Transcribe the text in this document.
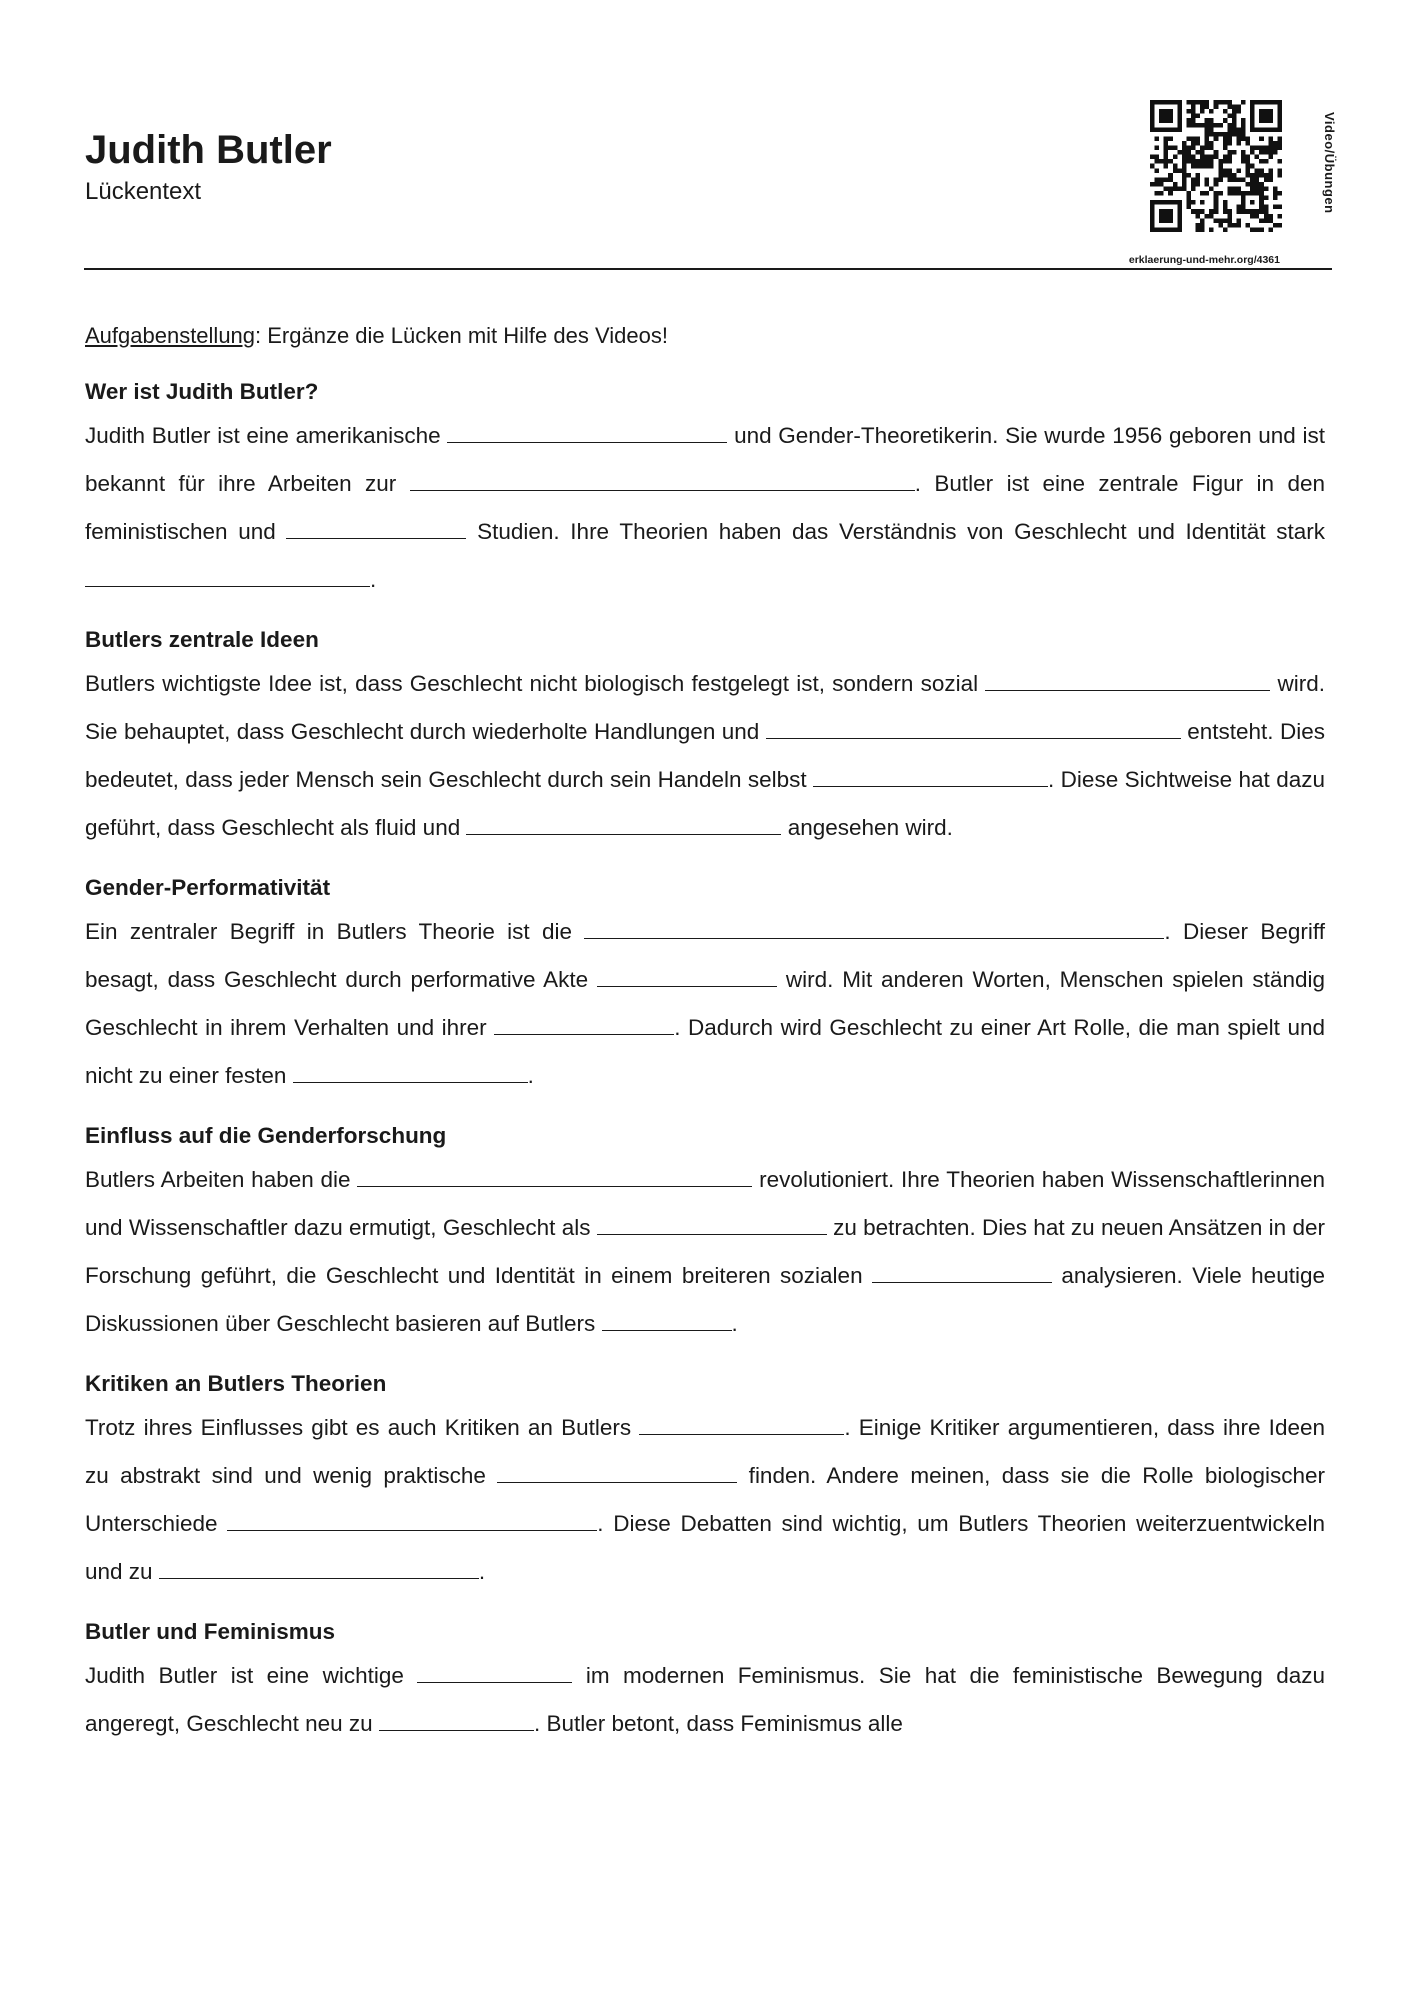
Judith Butler
Lückentext	Video/Übungen
erklaerung-und-mehr.org/4361

Aufgabenstellung: Ergänze die Lücken mit Hilfe des Videos!

Wer ist Judith Butler?

Judith Butler ist eine amerikanische	und Gender-Theoretikerin. Sie wurde 1956 geboren und ist bekannt für ihre Arbeiten zur	. Butler ist eine zentrale Figur in den feministischen und	Studien. Ihre Theorien haben das Verständnis von Geschlecht und Identität stark .

Butlers zentrale Ideen

Butlers wichtigste Idee ist, dass Geschlecht nicht biologisch festgelegt ist, sondern sozial	wird. Sie behauptet, dass Geschlecht durch wiederholte Handlungen und	entsteht. Dies bedeutet, dass jeder Mensch sein Geschlecht durch sein Handeln selbst	. Diese Sichtweise hat dazu geführt, dass Geschlecht als fluid und	angesehen wird.

Gender-Performativität

Ein zentraler Begriff in Butlers Theorie ist die	. Dieser Begriff besagt, dass Geschlecht durch performative Akte	wird. Mit anderen Worten, Menschen spielen ständig Geschlecht in ihrem Verhalten und ihrer	. Dadurch wird Geschlecht zu einer Art Rolle, die man spielt und nicht zu einer festen	.

Einfluss auf die Genderforschung

Butlers Arbeiten haben die	revolutioniert. Ihre Theorien haben Wissenschaftlerinnen und Wissenschaftler dazu ermutigt, Geschlecht als	zu betrachten. Dies hat zu neuen Ansätzen in der Forschung geführt, die Geschlecht und Identität in einem breiteren sozialen	analysieren. Viele heutige Diskussionen über Geschlecht basieren auf Butlers	.

Kritiken an Butlers Theorien

Trotz ihres Einflusses gibt es auch Kritiken an Butlers	. Einige Kritiker argumentieren, dass ihre Ideen zu abstrakt sind und wenig praktische	finden. Andere meinen, dass sie die Rolle biologischer Unterschiede	. Diese Debatten sind wichtig, um Butlers Theorien weiterzuentwickeln und zu	.

Butler und Feminismus

Judith Butler ist eine wichtige	im modernen Feminismus. Sie hat die feministische Bewegung dazu angeregt, Geschlecht neu zu	. Butler betont, dass Feminismus alle
